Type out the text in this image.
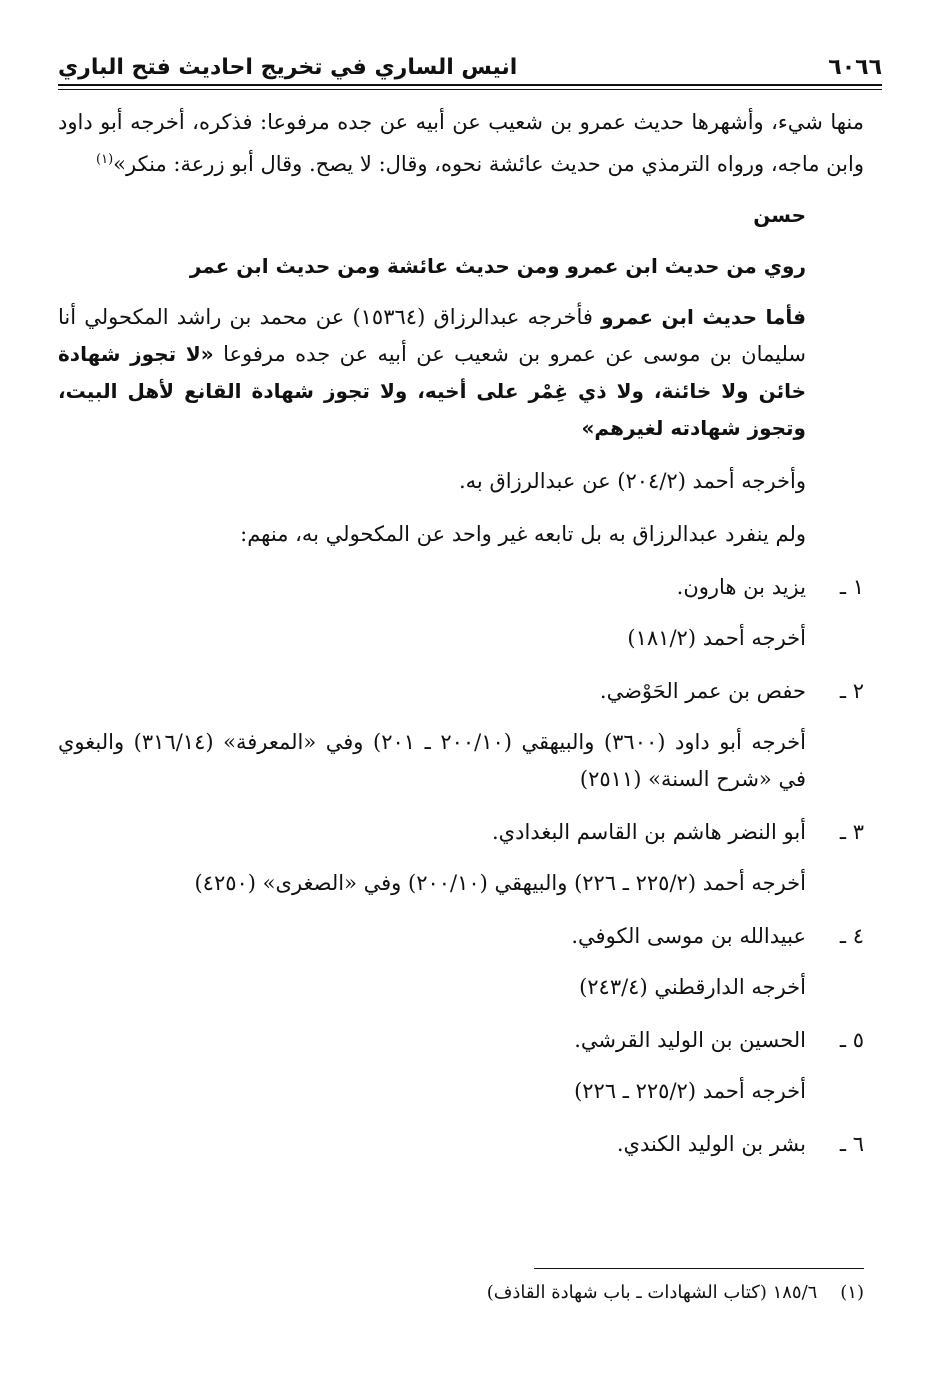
٦٠٦٦
انيس الساري في تخريج احاديث فتح الباري

منها شيء، وأشهرها حديث عمرو بن شعيب عن أبيه عن جده مرفوعا: فذكره، أخرجه أبو داود وابن ماجه، ورواه الترمذي من حديث عائشة نحوه، وقال: لا يصح. وقال أبو زرعة: منكر»$^{(١)}$

حسن

روي من حديث ابن عمرو ومن حديث عائشة ومن حديث ابن عمر

فأما حديث ابن عمرو فأخرجه عبدالرزاق (١٥٣٦٤) عن محمد بن راشد المكحولي أنا سليمان بن موسى عن عمرو بن شعيب عن أبيه عن جده مرفوعا «لا تجوز شهادة خائن ولا خائنة، ولا ذي غِمْر على أخيه، ولا تجوز شهادة القانع لأهل البيت، وتجوز شهادته لغيرهم»

وأخرجه أحمد (٢٠٤/٢) عن عبدالرزاق به.

ولم ينفرد عبدالرزاق به بل تابعه غير واحد عن المكحولي به، منهم:

١ ـ
يزيد بن هارون.

أخرجه أحمد (١٨١/٢)

٢ ـ
حفص بن عمر الحَوْضي.

أخرجه أبو داود (٣٦٠٠) والبيهقي (٢٠٠/١٠ ـ ٢٠١) وفي «المعرفة» (٣١٦/١٤) والبغوي في «شرح السنة» (٢٥١١)

٣ ـ
أبو النضر هاشم بن القاسم البغدادي.

أخرجه أحمد (٢٢٥/٢ ـ ٢٢٦) والبيهقي (٢٠٠/١٠) وفي «الصغرى» (٤٢٥٠)

٤ ـ
عبيدالله بن موسى الكوفي.

أخرجه الدارقطني (٢٤٣/٤)

٥ ـ
الحسين بن الوليد القرشي.

أخرجه أحمد (٢٢٥/٢ ـ ٢٢٦)

٦ ـ
بشر بن الوليد الكندي.
(١)    ١٨٥/٦ (كتاب الشهادات ـ باب شهادة القاذف)
